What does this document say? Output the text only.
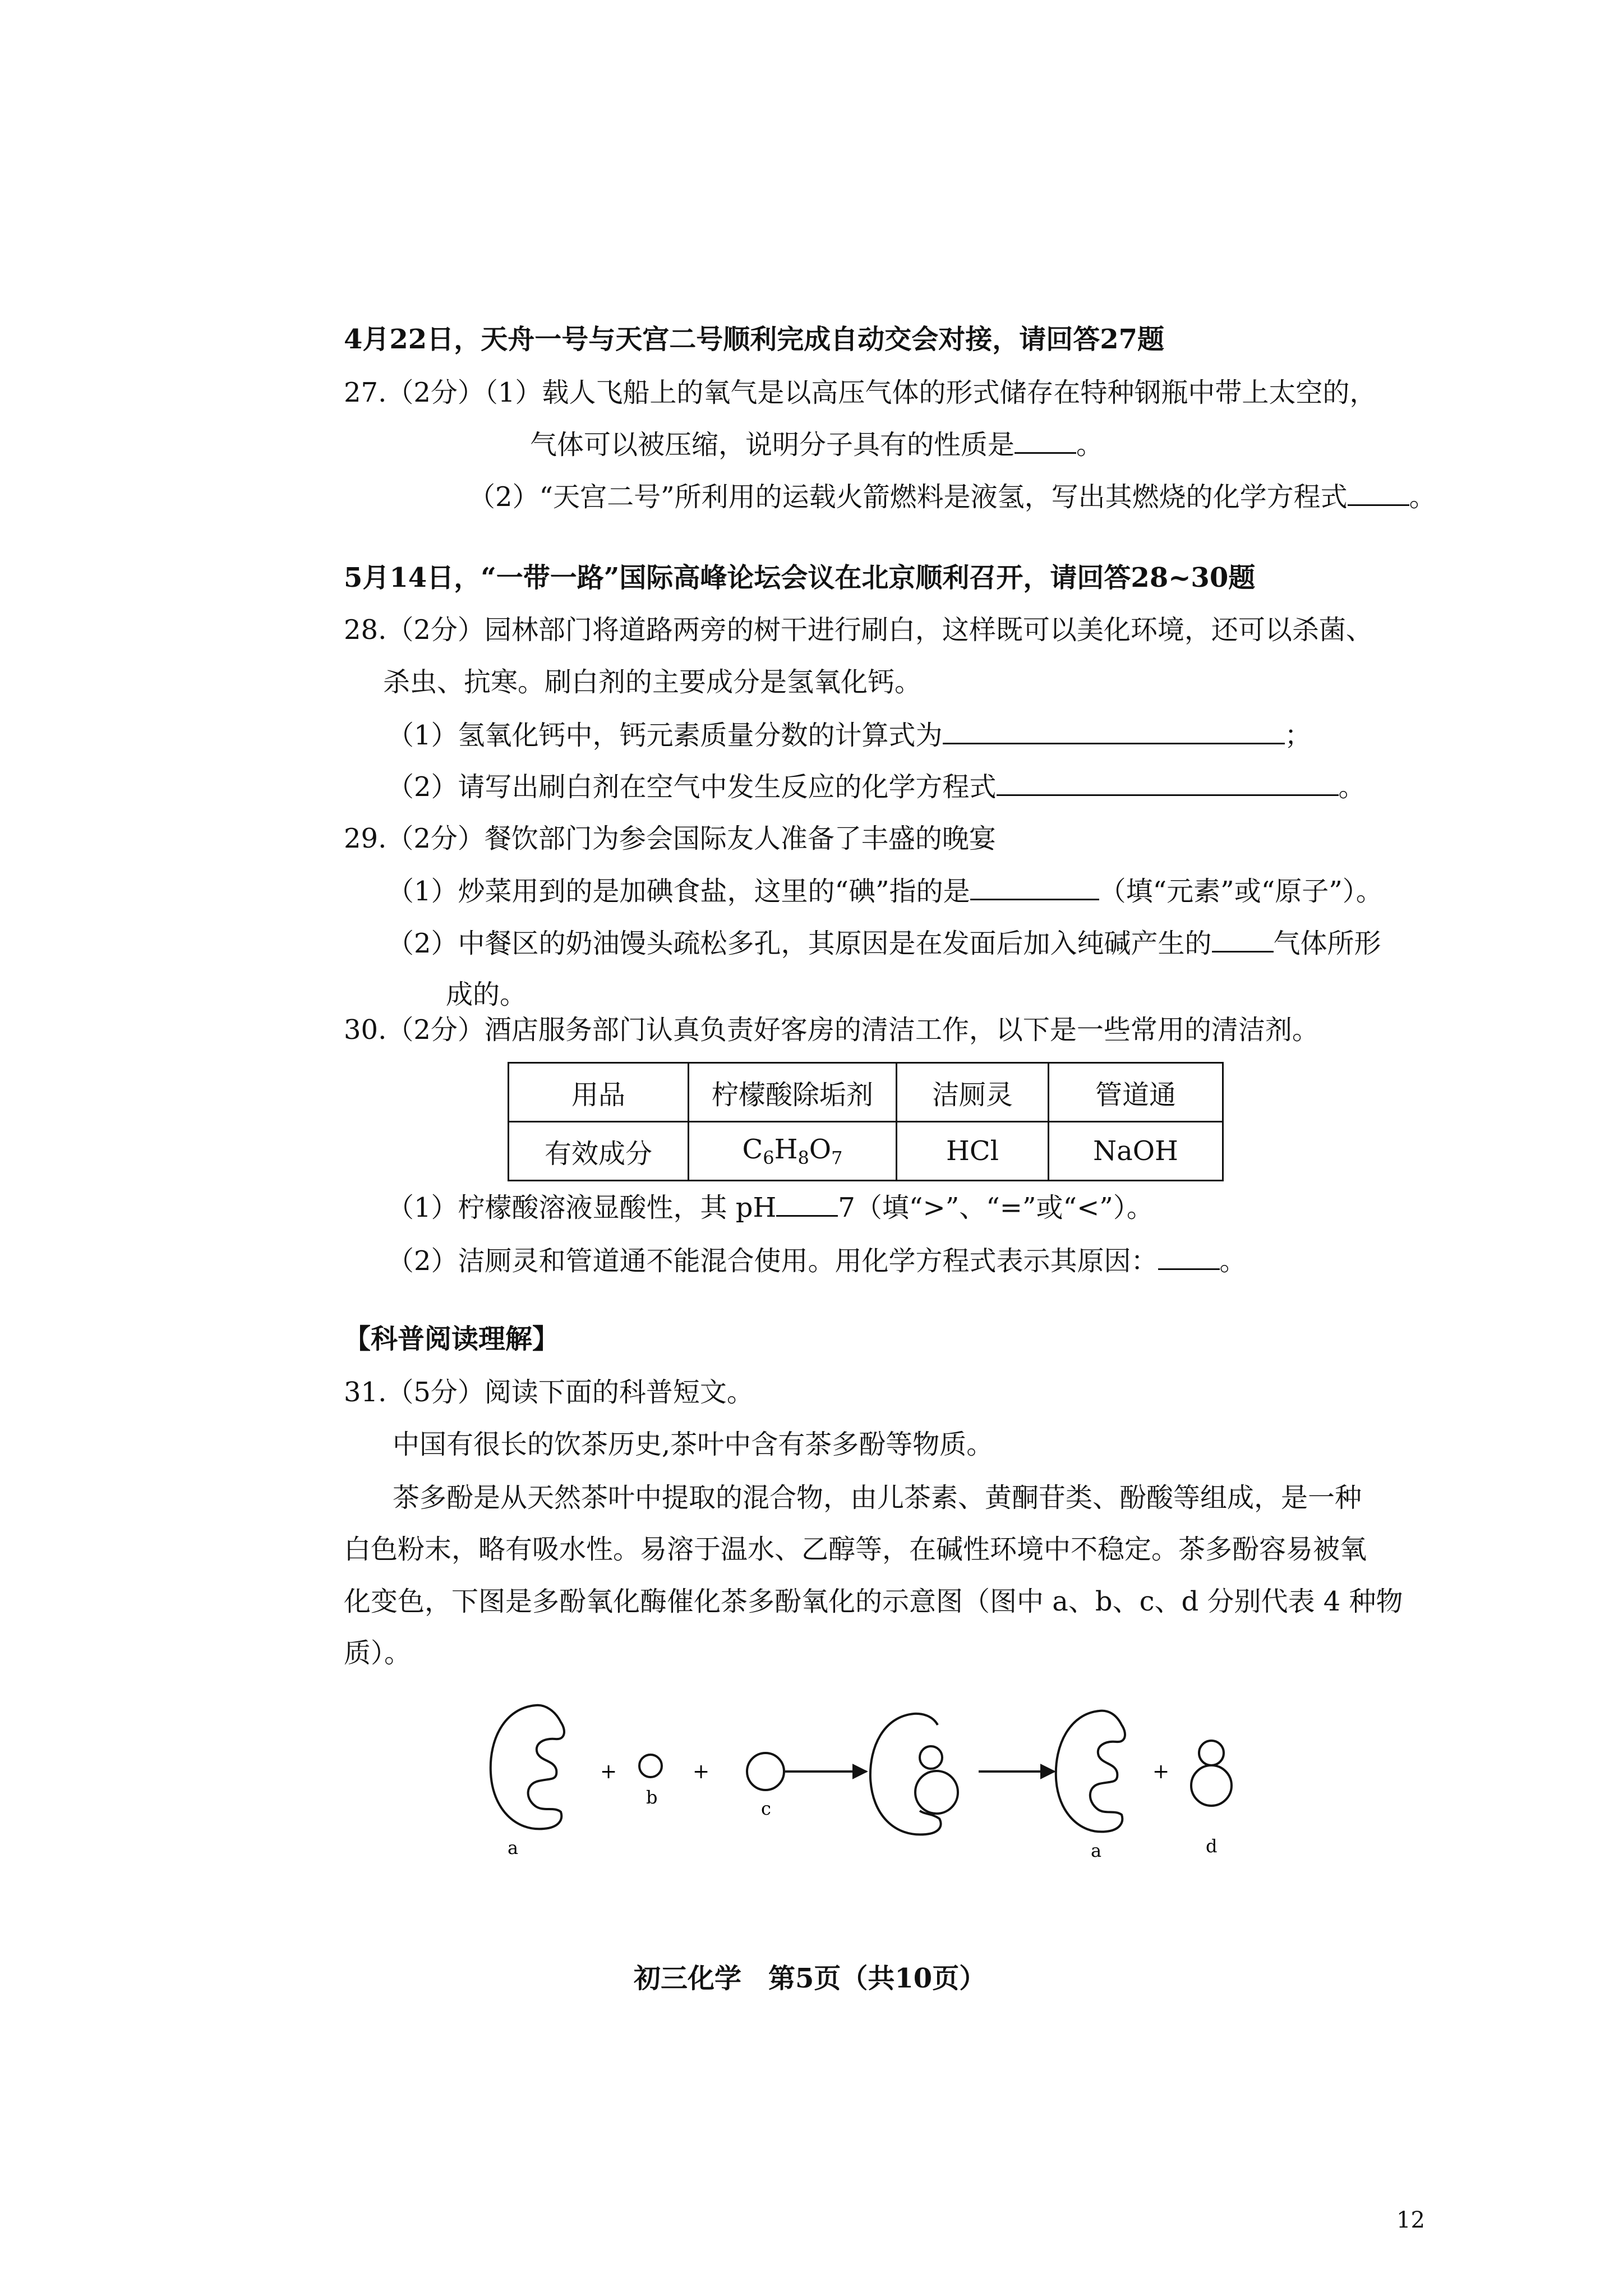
4月22日，天舟一号与天宫二号顺利完成自动交会对接，请回答27题
27.（2分）（1）载人飞船上的氧气是以高压气体的形式储存在特种钢瓶中带上太空的，
气体可以被压缩，说明分子具有的性质是 。
（2）“天宫二号”所利用的运载火箭燃料是液氢，写出其燃烧的化学方程式 。
5月14日，“一带一路”国际高峰论坛会议在北京顺利召开，请回答28~30题
28.（2分）园林部门将道路两旁的树干进行刷白，这样既可以美化环境，还可以杀菌、
杀虫、抗寒。刷白剂的主要成分是氢氧化钙。
（1）氢氧化钙中，钙元素质量分数的计算式为	；
（2）请写出刷白剂在空气中发生反应的化学方程式	。
29.（2分）餐饮部门为参会国际友人准备了丰盛的晚宴
（1）炒菜用到的是加碘食盐，这里的“碘”指的是	（填“元素”或“原子”）。
（2）中餐区的奶油馒头疏松多孔，其原因是在发面后加入纯碱产生的 气体所形
成的。
30.（2分）酒店服务部门认真负责好客房的清洁工作，以下是一些常用的清洁剂。
用品	柠檬酸除垢剂	洁厕灵	管道通
有效成分	$C_6H_8O_7$	HCl	NaOH
（1）柠檬酸溶液显酸性，其 pH 7（填“>”、“=”或“<”）。
（2）洁厕灵和管道通不能混合使用。用化学方程式表示其原因： 。
【科普阅读理解】
31.（5分）阅读下面的科普短文。
中国有很长的饮茶历史,茶叶中含有茶多酚等物质。
茶多酚是从天然茶叶中提取的混合物，由儿茶素、黄酮苷类、酚酸等组成，是一种
白色粉末，略有吸水性。易溶于温水、乙醇等，在碱性环境中不稳定。茶多酚容易被氧
化变色，下图是多酚氧化酶催化茶多酚氧化的示意图（图中 a、b、c、d 分别代表 4 种物
质）。
a
+
b
+
c
a
+
d
初三化学　第5页（共10页）
12
